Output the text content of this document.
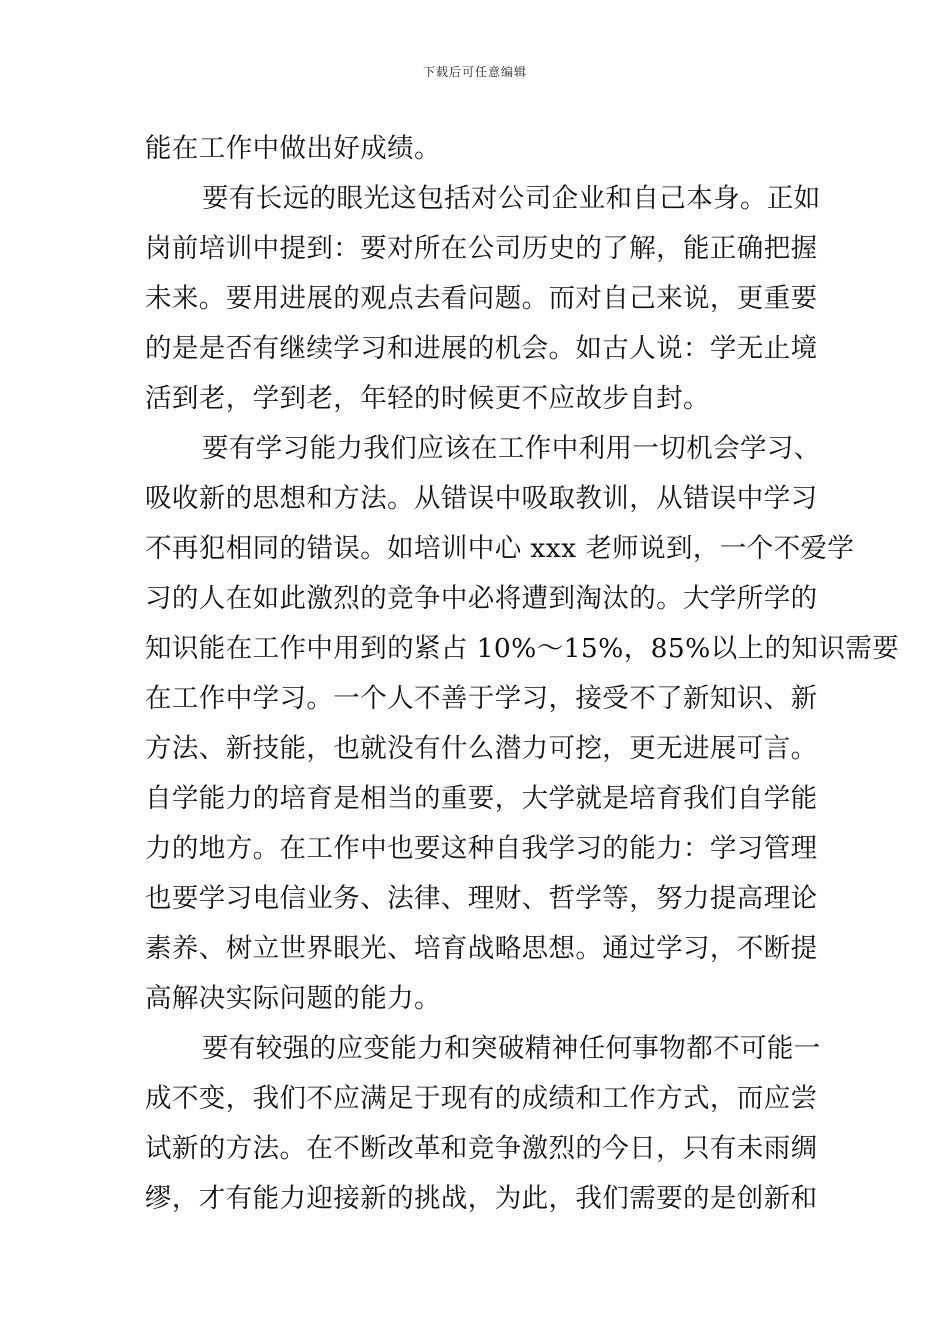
下载后可任意编辑
能在工作中做出好成绩。
要有长远的眼光这包括对公司企业和自己本身。正如
岗前培训中提到：要对所在公司历史的了解，能正确把握
未来。要用进展的观点去看问题。而对自己来说，更重要
的是是否有继续学习和进展的机会。如古人说：学无止境
活到老，学到老，年轻的时候更不应故步自封。
要有学习能力我们应该在工作中利用一切机会学习、
吸收新的思想和方法。从错误中吸取教训，从错误中学习
不再犯相同的错误。如培训中心 xxx 老师说到，一个不爱学
习的人在如此激烈的竞争中必将遭到淘汰的。大学所学的
知识能在工作中用到的紧占 10%～15%，85%以上的知识需要
在工作中学习。一个人不善于学习，接受不了新知识、新
方法、新技能，也就没有什么潜力可挖，更无进展可言。
自学能力的培育是相当的重要，大学就是培育我们自学能
力的地方。在工作中也要这种自我学习的能力：学习管理
也要学习电信业务、法律、理财、哲学等，努力提高理论
素养、树立世界眼光、培育战略思想。通过学习，不断提
高解决实际问题的能力。
要有较强的应变能力和突破精神任何事物都不可能一
成不变，我们不应满足于现有的成绩和工作方式，而应尝
试新的方法。在不断改革和竞争激烈的今日，只有未雨绸
缪，才有能力迎接新的挑战，为此，我们需要的是创新和
